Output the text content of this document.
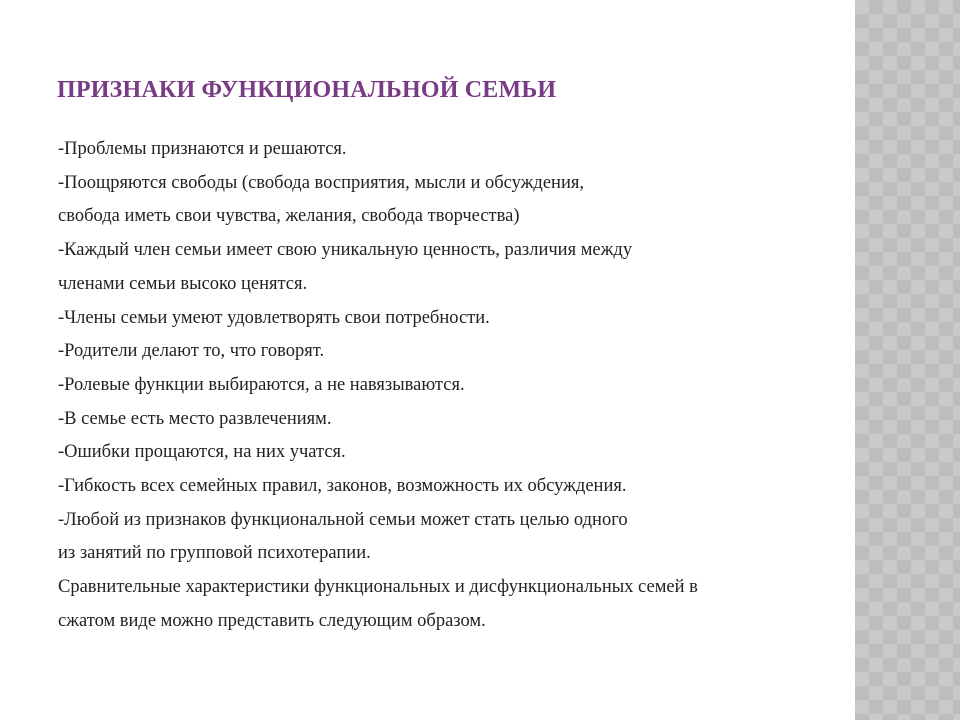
ПРИЗНАКИ ФУНКЦИОНАЛЬНОЙ СЕМЬИ
-Проблемы признаются и решаются.
-Поощряются свободы (свобода восприятия, мысли и обсуждения,
свобода иметь свои чувства, желания, свобода творчества)
-Каждый член семьи имеет свою уникальную ценность, различия между
членами семьи высоко ценятся.
-Члены семьи умеют удовлетворять свои потребности.
-Родители делают то, что говорят.
-Ролевые функции выбираются, а не навязываются.
-В семье есть место развлечениям.
-Ошибки прощаются, на них учатся.
-Гибкость всех семейных правил, законов, возможность их обсуждения.
-Любой из признаков функциональной семьи может стать целью одного
из занятий по групповой психотерапии.
Сравнительные характеристики функциональных и дисфункциональных семей в
сжатом виде можно представить следующим образом.
